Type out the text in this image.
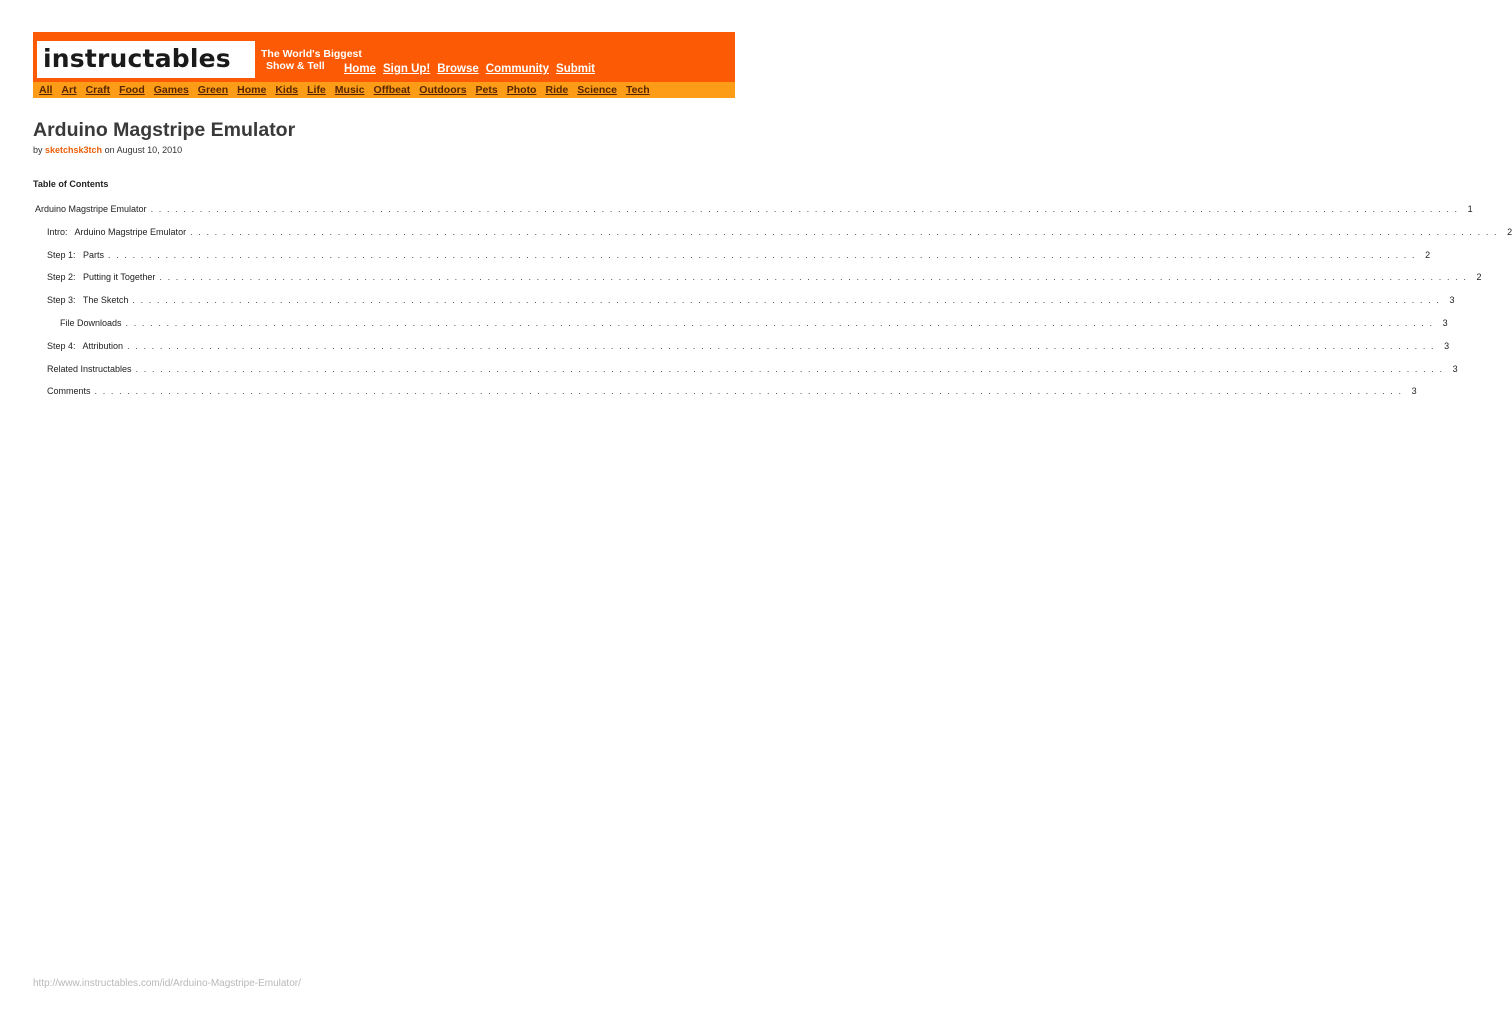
instructables	The World's Biggest
Show & Tell	Home Sign Up! Browse Community Submit
All Art Craft Food Games Green Home Kids Life Music Offbeat Outdoors Pets Photo Ride Science Tech
Arduino Magstripe Emulator
by sketchsk3tch on August 10, 2010
Table of Contents
Arduino Magstripe Emulator . . . . . . . . . . . . . . . . . . . . . . . . . . . . . . . . . . . . . . . . . . . . . . . . . . . . . . . . . . . . . . . . . . . . . . . . . . . . . . . . . . . . . . . . . . . . . . . . . . . . . . . . . . . . . . . . . . . . . . . . . . . . . . . . . . . . . . . . . . . . . . . . . . . . . . . . . . . . . . . . 1
Intro:   Arduino Magstripe Emulator . . . . . . . . . . . . . . . . . . . . . . . . . . . . . . . . . . . . . . . . . . . . . . . . . . . . . . . . . . . . . . . . . . . . . . . . . . . . . . . . . . . . . . . . . . . . . . . . . . . . . . . . . . . . . . . . . . . . . . . . . . . . . . . . . . . . . . . . . . . . . . . . . . . . . . . . . . . . . . . . 2
Step 1:   Parts . . . . . . . . . . . . . . . . . . . . . . . . . . . . . . . . . . . . . . . . . . . . . . . . . . . . . . . . . . . . . . . . . . . . . . . . . . . . . . . . . . . . . . . . . . . . . . . . . . . . . . . . . . . . . . . . . . . . . . . . . . . . . . . . . . . . . . . . . . . . . . . . . . . . . . . . . . . . . . . . 2
Step 2:   Putting it Together . . . . . . . . . . . . . . . . . . . . . . . . . . . . . . . . . . . . . . . . . . . . . . . . . . . . . . . . . . . . . . . . . . . . . . . . . . . . . . . . . . . . . . . . . . . . . . . . . . . . . . . . . . . . . . . . . . . . . . . . . . . . . . . . . . . . . . . . . . . . . . . . . . . . . . . . . . . . . . . . 2
Step 3:   The Sketch . . . . . . . . . . . . . . . . . . . . . . . . . . . . . . . . . . . . . . . . . . . . . . . . . . . . . . . . . . . . . . . . . . . . . . . . . . . . . . . . . . . . . . . . . . . . . . . . . . . . . . . . . . . . . . . . . . . . . . . . . . . . . . . . . . . . . . . . . . . . . . . . . . . . . . . . . . . . . . . . 3
File Downloads . . . . . . . . . . . . . . . . . . . . . . . . . . . . . . . . . . . . . . . . . . . . . . . . . . . . . . . . . . . . . . . . . . . . . . . . . . . . . . . . . . . . . . . . . . . . . . . . . . . . . . . . . . . . . . . . . . . . . . . . . . . . . . . . . . . . . . . . . . . . . . . . . . . . . . . . . . . . . . . . 3
Step 4:   Attribution . . . . . . . . . . . . . . . . . . . . . . . . . . . . . . . . . . . . . . . . . . . . . . . . . . . . . . . . . . . . . . . . . . . . . . . . . . . . . . . . . . . . . . . . . . . . . . . . . . . . . . . . . . . . . . . . . . . . . . . . . . . . . . . . . . . . . . . . . . . . . . . . . . . . . . . . . . . . . . . . 3
Related Instructables . . . . . . . . . . . . . . . . . . . . . . . . . . . . . . . . . . . . . . . . . . . . . . . . . . . . . . . . . . . . . . . . . . . . . . . . . . . . . . . . . . . . . . . . . . . . . . . . . . . . . . . . . . . . . . . . . . . . . . . . . . . . . . . . . . . . . . . . . . . . . . . . . . . . . . . . . . . . . . . . 3
Comments . . . . . . . . . . . . . . . . . . . . . . . . . . . . . . . . . . . . . . . . . . . . . . . . . . . . . . . . . . . . . . . . . . . . . . . . . . . . . . . . . . . . . . . . . . . . . . . . . . . . . . . . . . . . . . . . . . . . . . . . . . . . . . . . . . . . . . . . . . . . . . . . . . . . . . . . . . . . . . . . 3
http://www.instructables.com/id/Arduino-Magstripe-Emulator/
